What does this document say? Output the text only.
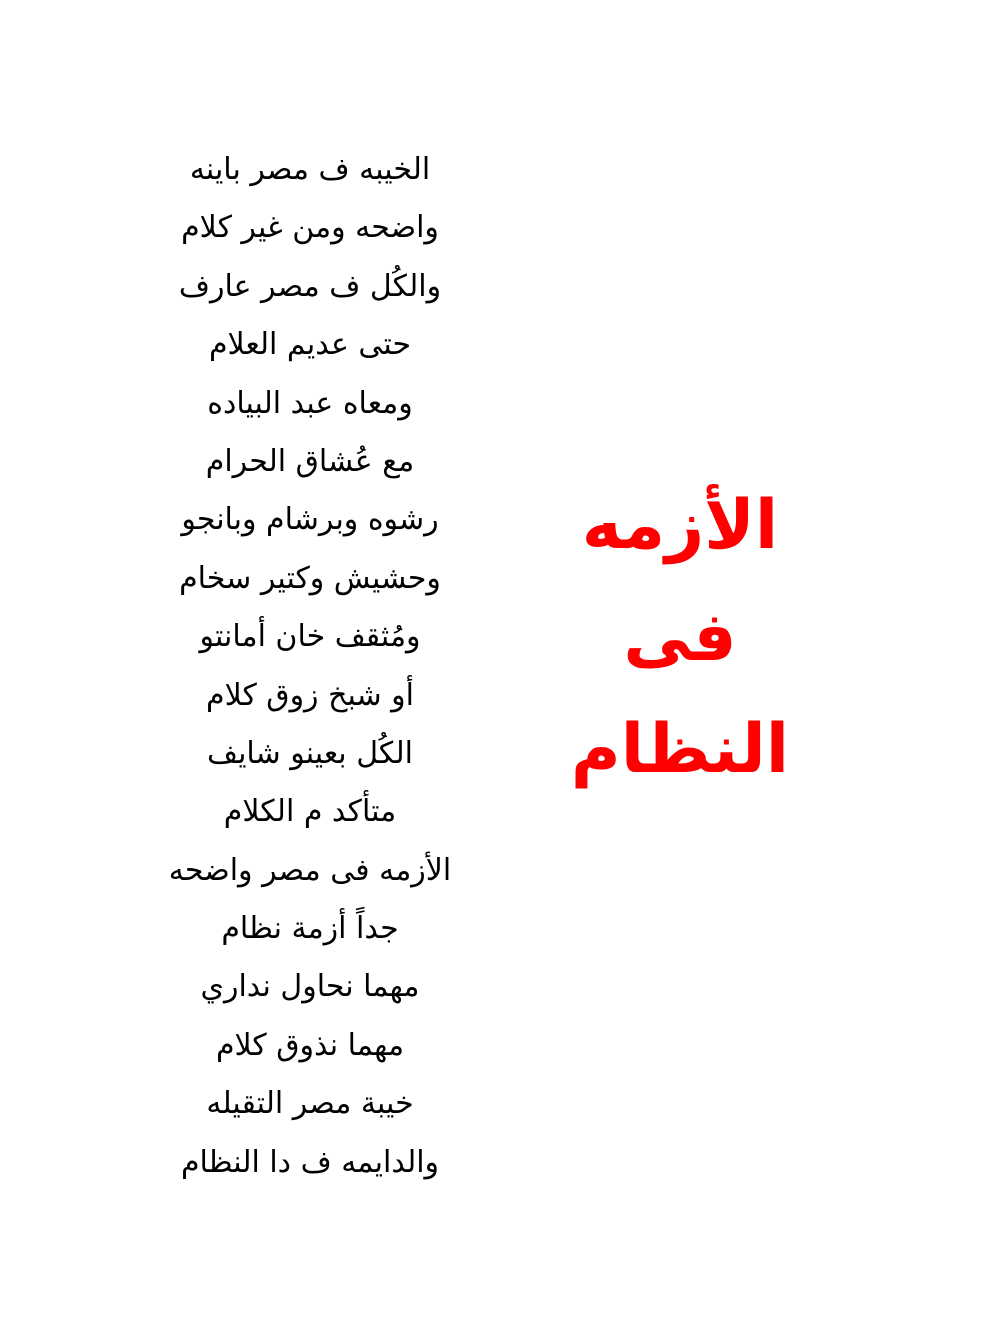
الخيبه ف مصر باينه
واضحه ومن غير كلام
والكُل ف مصر عارف
حتى عديم العلام
ومعاه عبد البياده
مع عُشاق الحرام
رشوه وبرشام وبانجو
وحشيش وكتير سخام
ومُثقف خان أمانتو
أو شبخ زوق كلام
الكُل بعينو شايف
متأكد م الكلام
الأزمه فى مصر واضحه
جداً أزمة نظام
مهما نحاول نداري
مهما نذوق كلام
خيبة مصر التقيله
والدايمه ف دا النظام
الأزمه
فى
النظام
